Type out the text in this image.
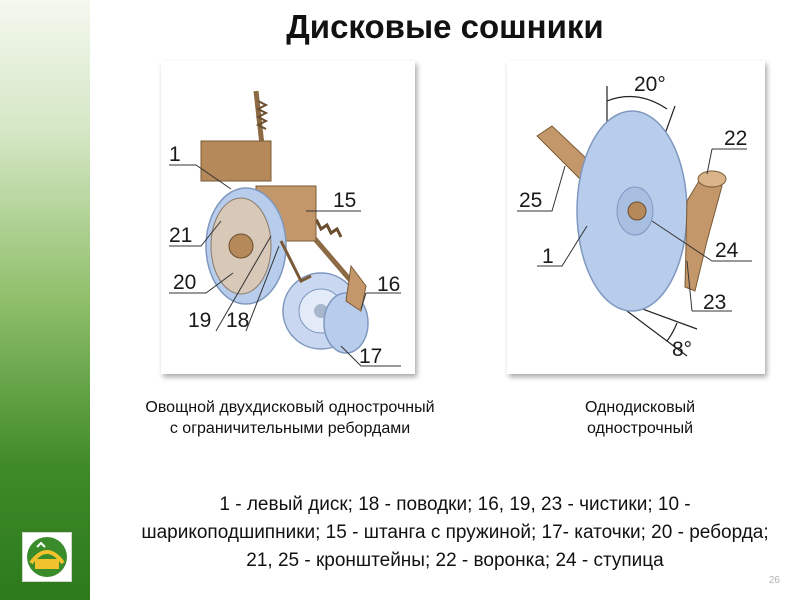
Дисковые сошники
1
15
21
20	16
19 18
17
20°
22
25
1	24
23
8°
Овощной двухдисковый однострочный с ограничительными ребордами
Однодисковый однострочный
1 - левый диск; 18 - поводки; 16, 19, 23 - чистики; 10 - шарикоподшипники; 15 - штанга с пружиной; 17- каточки; 20 - реборда; 21, 25 - кронштейны; 22 - воронка; 24 - ступица
26
